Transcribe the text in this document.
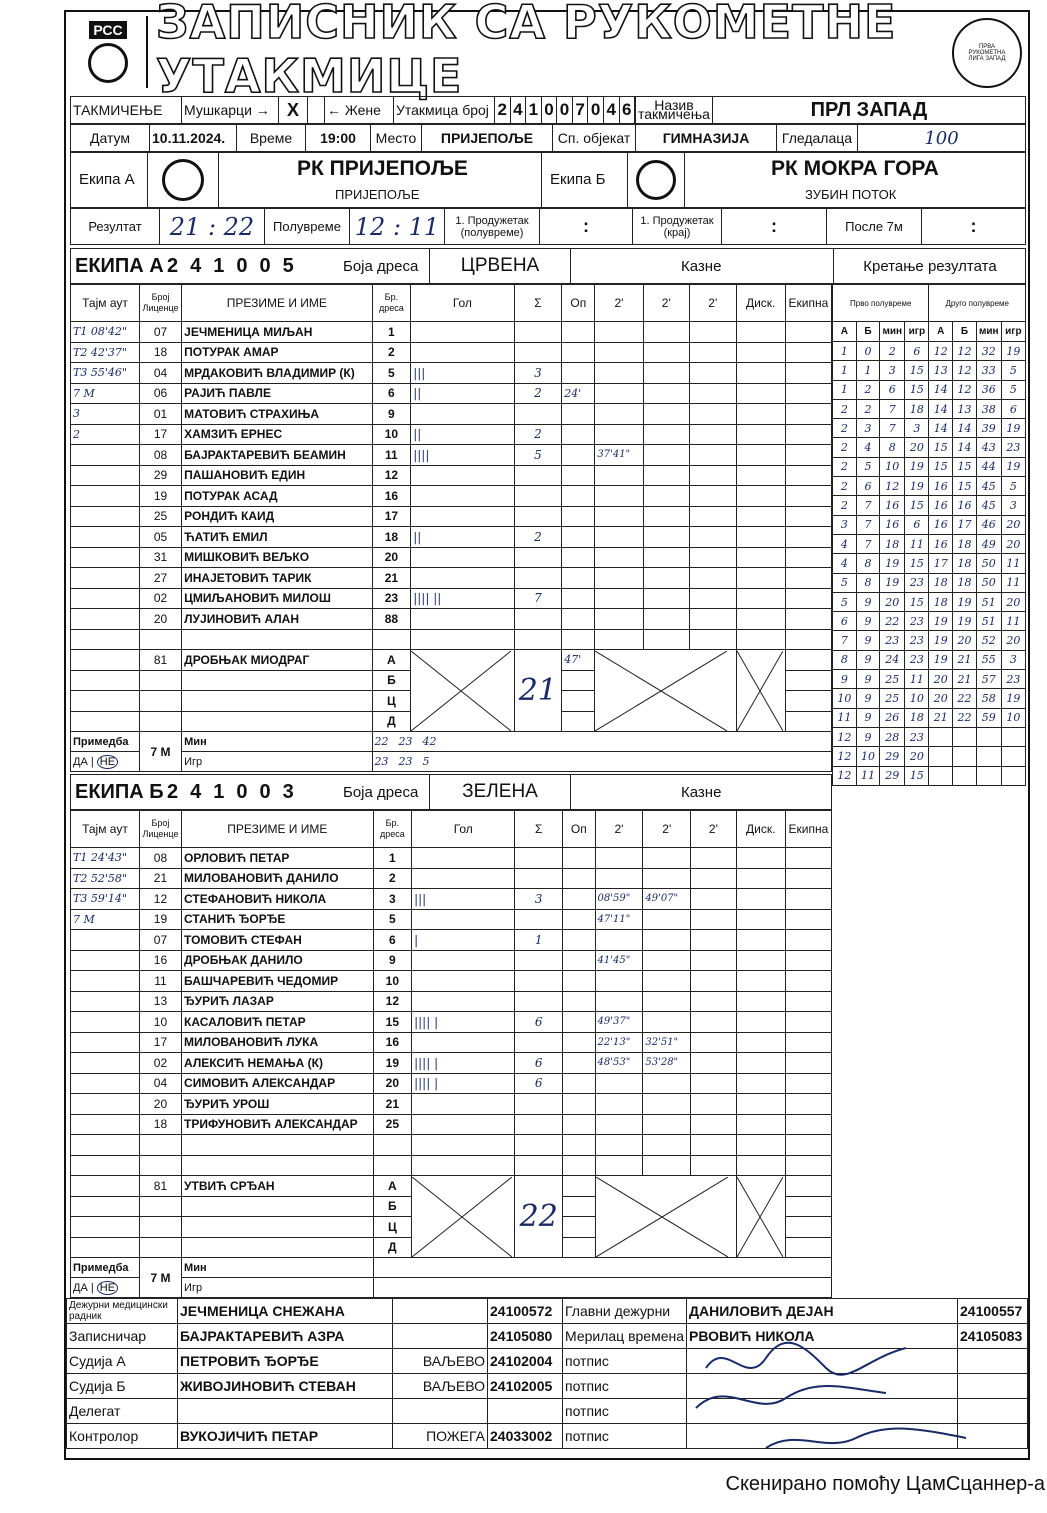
РСС ЗАПИСНИК СА РУКОМЕТНЕ УТАКМИЦЕ
ПРВА РУКОМЕТНА ЛИГА ЗАПАД
ТАКМИЧЕЊЕ	Мушкарци →	X		← Жене	Утакмица број	2 4 1 0 0 7 0 4 6	Назив такмичења	ПРЛ ЗАПАД
Датум	10.11.2024.	Време	19:00	Место	ПРИЈЕПОЉЕ	Сп. објекат	ГИМНАЗИЈА	Гледалаца	100
Екипа А	РК ПРИЈЕПОЉЕ
ПРИЈЕПОЉЕ
Екипа Б	РК МОКРА ГОРА
ЗУБИН ПОТОК
Резултат	21 : 22	Полувреме	12 : 11	1. Продужетак (полувреме)	:	1. Продужетак (крај)	:	После 7м	:
ЕКИПА А 2 4 1 0 0 5	Боја дреса	ЦРВЕНА	Казне	Кретање резултата
Тајм аут	Број Лиценце	ПРЕЗИМЕ И ИМЕ	Бр. дреса	Гол	Σ	Оп	2'	2'	2'	Диск.	Екипна
T1 08'42"	07	ЈЕЧМЕНИЦА МИЉАН	1								
T2 42'37"	18	ПОТУРАК АМАР	2								
T3 55'46"	04	МРДАКОВИЋ ВЛАДИМИР (К)	5	|||	3						
7 М	06	РАЈИЋ ПАВЛЕ	6	||	2	24'					
3	01	МАТОВИЋ СТРАХИЊА	9								
2	17	ХАМЗИЋ ЕРНЕС	10	||	2						
	08	БАЈРАКТАРЕВИЋ БЕАМИН	11	||||	5		37'41"				
	29	ПАШАНОВИЋ ЕДИН	12								
	19	ПОТУРАК АСАД	16								
	25	РОНДИЋ КАИД	17								
	05	ЋАТИЋ ЕМИЛ	18	||	2						
	31	МИШКОВИЋ ВЕЉКО	20								
	27	ИНАЈЕТОВИЋ ТАРИК	21								
	02	ЦМИЉАНОВИЋ МИЛОШ	23	|||| ||	7						
	20	ЛУЈИНОВИЋ АЛАН	88								

	81	ДРОБЊАК МИОДРАГ	А		21	47'	

			Б								
			Ц								
			Д								
Примедба	7 М	Мин	22 23 42								
ДА | НЕ		Игр	23 23 5								
Прво полувреме				Друго полувреме			
А	Б	мин	игр	А	Б	мин	игр
1	0	2	6	12	12	32	19
1	1	3	15	13	12	33	5
1	2	6	15	14	12	36	5
2	2	7	18	14	13	38	6
2	3	7	3	14	14	39	19
2	4	8	20	15	14	43	23
2	5	10	19	15	15	44	19
2	6	12	19	16	15	45	5
2	7	16	15	16	16	45	3
3	7	16	6	16	17	46	20
4	7	18	11	16	18	49	20
4	8	19	15	17	18	50	11
5	8	19	23	18	18	50	11
5	9	20	15	18	19	51	20
6	9	22	23	19	19	51	11
7	9	23	23	19	20	52	20
8	9	24	23	19	21	55	3
9	9	25	11	20	21	57	23
10	9	25	10	20	22	58	19
11	9	26	18	21	22	59	10
12	9	28	23				
12	10	29	20				
12	11	29	15				
ЕКИПА Б 2 4 1 0 0 3	Боја дреса	ЗЕЛЕНА	Казне
Тајм аут	Број Лиценце	ПРЕЗИМЕ И ИМЕ	Бр. дреса	Гол	Σ	Оп	2'	2'	2'	Диск.	Екипна
T1 24'43"	08	ОРЛОВИЋ ПЕТАР	1								
T2 52'58"	21	МИЛОВАНОВИЋ ДАНИЛО	2								
T3 59'14"	12	СТЕФАНОВИЋ НИКОЛА	3	|||	3		08'59"	49'07"			
7 М	19	СТАНИЋ ЂОРЂЕ	5				47'11"				
	07	ТОМОВИЋ СТЕФАН	6	|	1						
	16	ДРОБЊАК ДАНИЛО	9				41'45"				
	11	БАШЧАРЕВИЋ ЧЕДОМИР	10								
	13	ЂУРИЋ ЛАЗАР	12								
	10	КАСАЛОВИЋ ПЕТАР	15	|||| |	6		49'37"				
	17	МИЛОВАНОВИЋ ЛУКА	16				22'13"	32'51"			
	02	АЛЕКСИЋ НЕМАЊА (К)	19	|||| |	6		48'53"	53'28"			
	04	СИМОВИЋ АЛЕКСАНДАР	20	|||| |	6						
	20	ЂУРИЋ УРОШ	21								
	18	ТРИФУНОВИЋ АЛЕКСАНДАР	25								

	81	УТВИЋ СРЂАН	А		22		

			Б								
			Ц								
			Д								
Примедба	7 М	Мин									
ДА | НЕ		Игр									
Дежурни медицински радник	ЈЕЧМЕНИЦА СНЕЖАНА		24100572	Главни дежурни	ДАНИЛОВИЋ ДЕЈАН	24100557
Записничар	БАЈРАКТАРЕВИЋ АЗРА		24105080	Мерилац времена	РВОВИЋ НИКОЛА	24105083
Судија А	ПЕТРОВИЋ ЂОРЂЕ	ВАЉЕВО	24102004	потпис		
Судија Б	ЖИВОЈИНОВИЋ СТЕВАН	ВАЉЕВО	24102005	потпис		
Делегат				потпис		
Контролор	ВУКОЈИЧИЋ ПЕТАР	ПОЖЕГА	24033002	потпис		
Скенирано помоћу ЦамСцаннер-а
